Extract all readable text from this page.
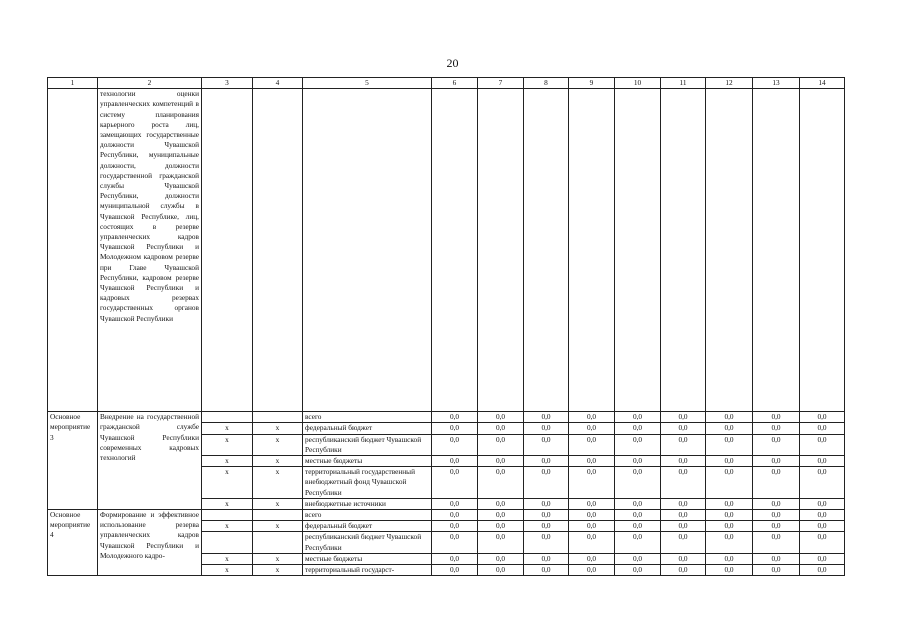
20
1	2	3	4	5	6	7	8	9	10	11	12	13	14
	технологии оценки управленческих компетенций в систему планирования карьерного роста лиц, замещающих государственные должности Чувашской Республики, муниципальные должности, должности государственной гражданской службы Чувашской Республики, должности муниципальной службы в Чувашской Республике, лиц, состоящих в резерве управленческих кадров Чувашской Республики и Молодежном кадровом резерве при Главе Чувашской Республики, кадровом резерве Чувашской Республики и кадровых резервах государственных органов Чувашской Республики												
Основное мероприятие 3	Внедрение на государственной гражданской службе Чувашской Республики современных кадровых технологий			всего	0,0	0,0	0,0	0,0	0,0	0,0	0,0	0,0	0,0
		x	x	федеральный бюджет	0,0	0,0	0,0	0,0	0,0	0,0	0,0	0,0	0,0
		x	x	республиканский бюджет Чувашской Республики	0,0	0,0	0,0	0,0	0,0	0,0	0,0	0,0	0,0
		x	x	местные бюджеты	0,0	0,0	0,0	0,0	0,0	0,0	0,0	0,0	0,0
		x	x	территориальный государственный внебюджетный фонд Чувашской Республики	0,0	0,0	0,0	0,0	0,0	0,0	0,0	0,0	0,0
		x	x	внебюджетные источники	0,0	0,0	0,0	0,0	0,0	0,0	0,0	0,0	0,0
Основное мероприятие 4	Формирование и эффективное использование резерва управленческих кадров Чувашской Республики и Молодежного кадро-			всего	0,0	0,0	0,0	0,0	0,0	0,0	0,0	0,0	0,0
		x	x	федеральный бюджет	0,0	0,0	0,0	0,0	0,0	0,0	0,0	0,0	0,0
				республиканский бюджет Чувашской Республики	0,0	0,0	0,0	0,0	0,0	0,0	0,0	0,0	0,0
		x	x	местные бюджеты	0,0	0,0	0,0	0,0	0,0	0,0	0,0	0,0	0,0
		x	x	территориальный государст-	0,0	0,0	0,0	0,0	0,0	0,0	0,0	0,0	0,0
